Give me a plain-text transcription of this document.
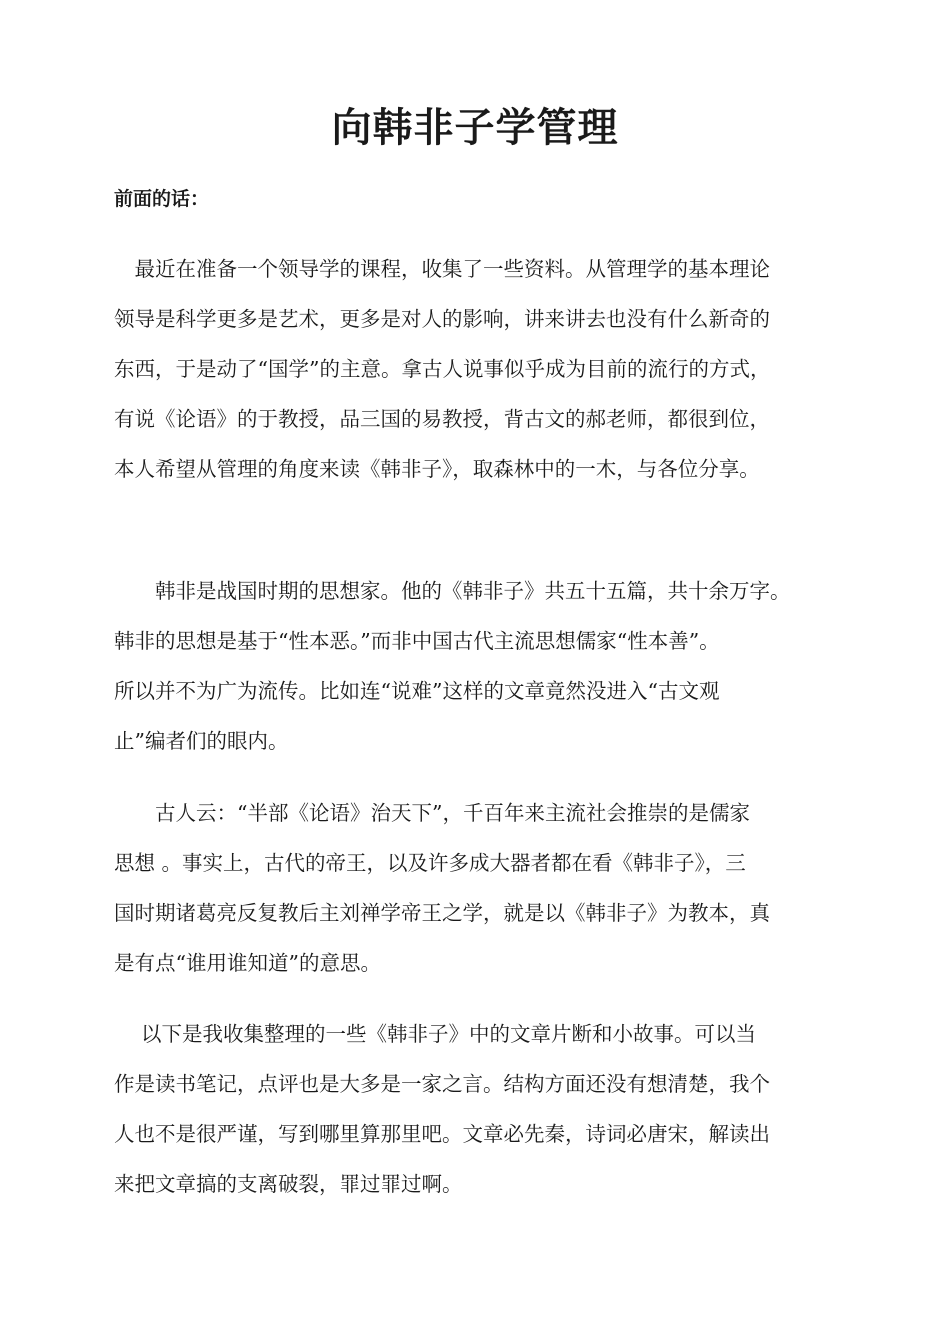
向韩非子学管理
前面的话：
　最近在准备一个领导学的课程，收集了一些资料。从管理学的基本理论
领导是科学更多是艺术，更多是对人的影响，讲来讲去也没有什么新奇的
东西，于是动了“国学”的主意。拿古人说事似乎成为目前的流行的方式，
有说《论语》的于教授，品三国的易教授，背古文的郝老师，都很到位，
本人希望从管理的角度来读《韩非子》，取森林中的一木，与各位分享。
　　韩非是战国时期的思想家。他的《韩非子》共五十五篇，共十余万字。
韩非的思想是基于“性本恶。”而非中国古代主流思想儒家“性本善”。
所以并不为广为流传。比如连“说难”这样的文章竟然没进入“古文观
止”编者们的眼内。
　　古人云：“半部《论语》治天下”，千百年来主流社会推崇的是儒家
思想 。事实上，古代的帝王，以及许多成大器者都在看《韩非子》，三
国时期诸葛亮反复教后主刘禅学帝王之学，就是以《韩非子》为教本，真
是有点“谁用谁知道”的意思。
　 以下是我收集整理的一些《韩非子》中的文章片断和小故事。可以当
作是读书笔记，点评也是大多是一家之言。结构方面还没有想清楚，我个
人也不是很严谨，写到哪里算那里吧。文章必先秦，诗词必唐宋，解读出
来把文章搞的支离破裂，罪过罪过啊。
